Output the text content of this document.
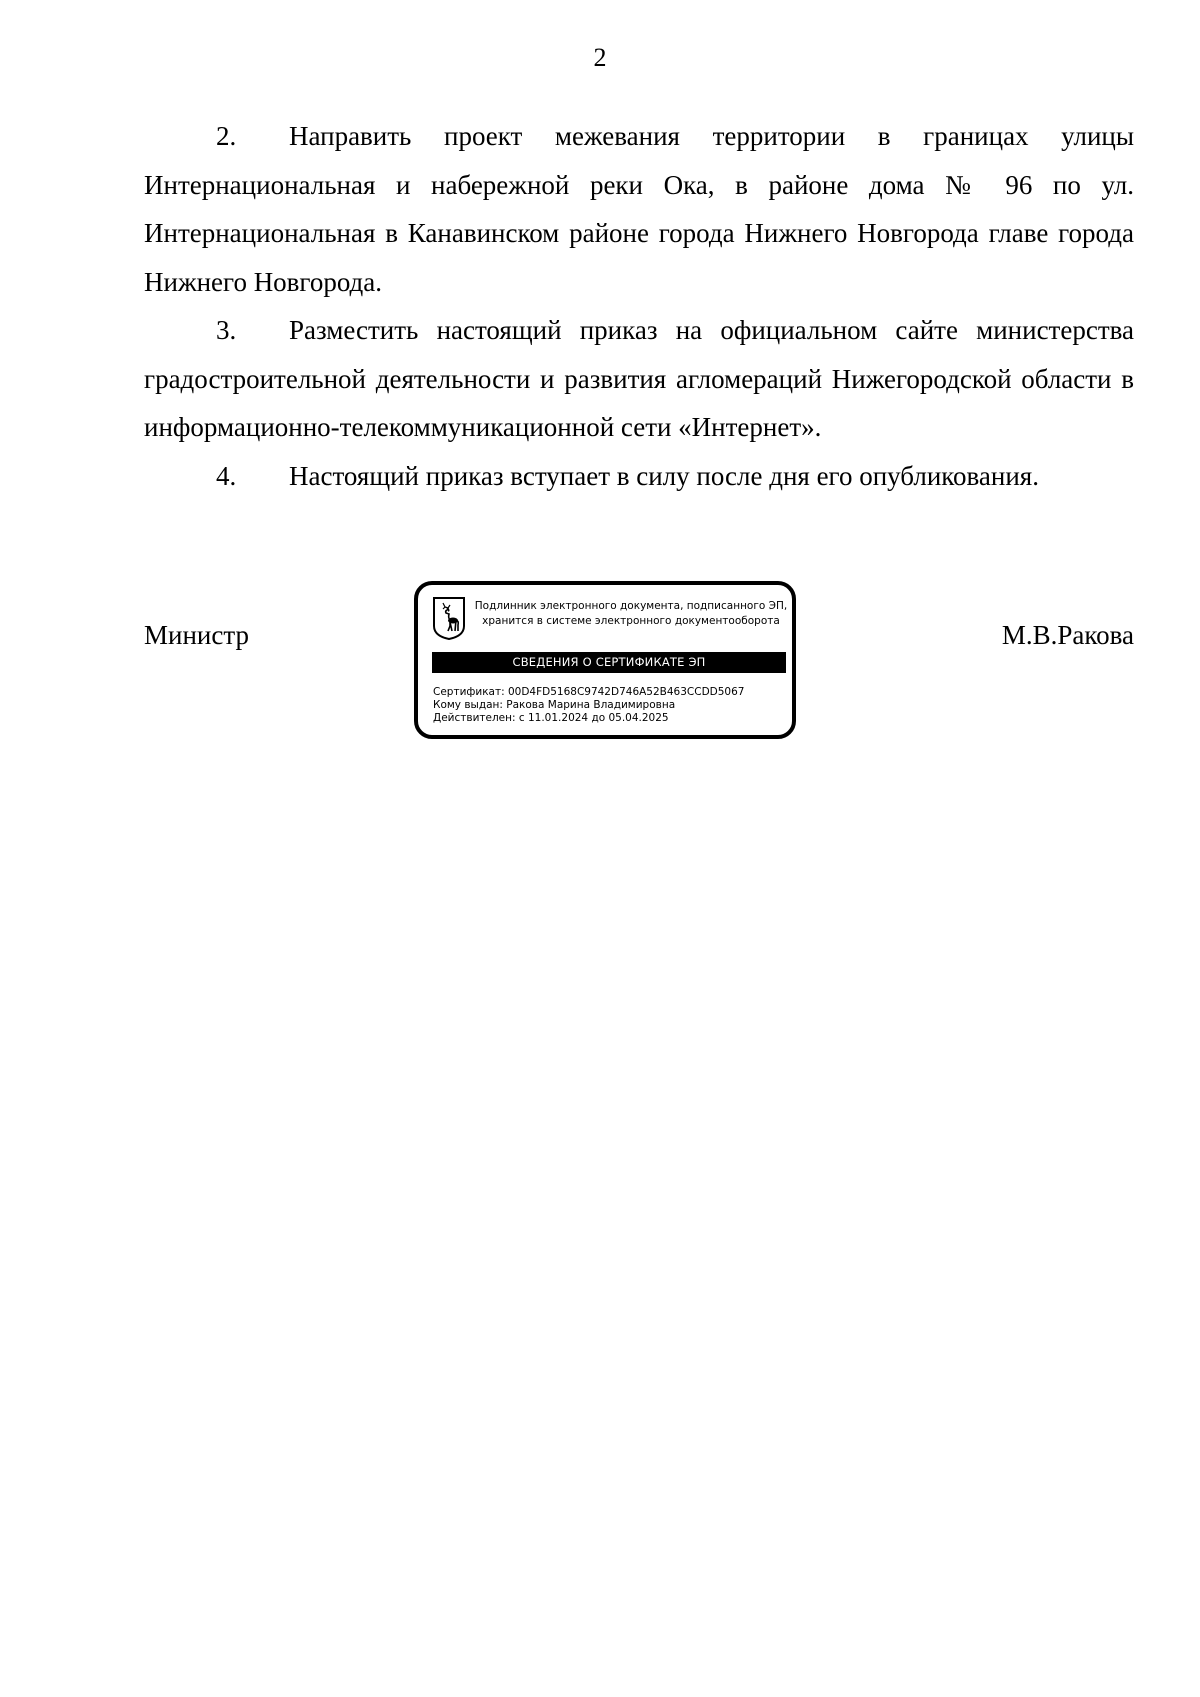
2

2. Направить проект межевания территории в границах улицы Интернациональная и набережной реки Ока, в районе дома № 96 по ул. Интернациональная в Канавинском районе города Нижнего Новгорода главе города Нижнего Новгорода.

3. Разместить настоящий приказ на официальном сайте министерства градостроительной деятельности и развития агломераций Нижегородской области в информационно-телекоммуникационной сети «Интернет».

4. Настоящий приказ вступает в силу после дня его опубликования.

Министр
Подлинник электронного документа, подписанного ЭП,
хранится в системе электронного документооборота
СВЕДЕНИЯ О СЕРТИФИКАТЕ ЭП
Сертификат: 00D4FD5168C9742D746A52B463CCDD5067
Кому выдан: Ракова Марина Владимировна
Действителен: с 11.01.2024 до 05.04.2025
М.В.Ракова
